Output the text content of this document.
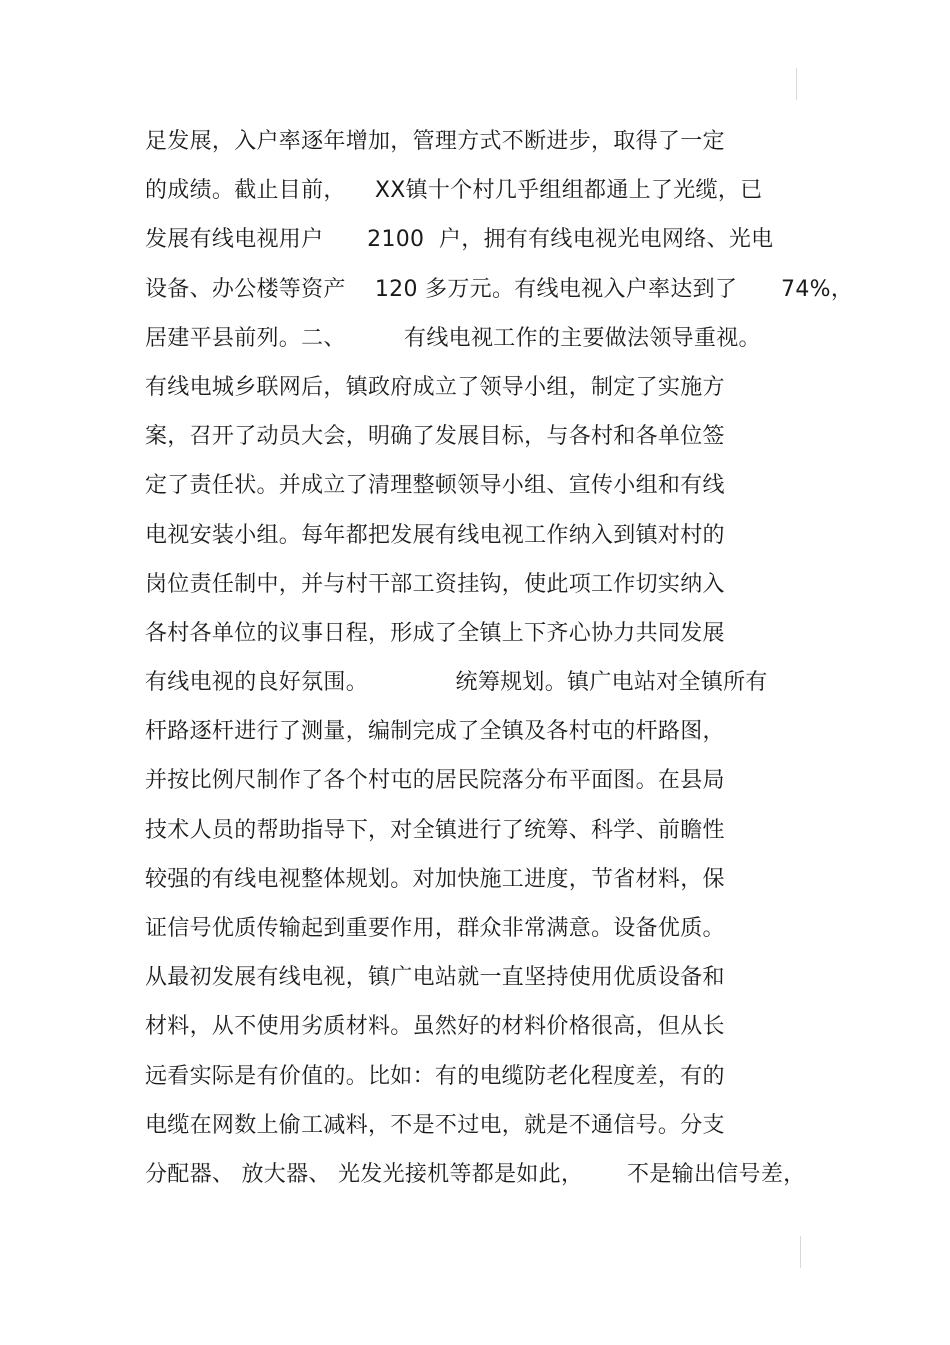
足发展，入户率逐年增加，管理方式不断进步，取得了一定
的成绩。截止目前，    XX镇十个村几乎组组都通上了光缆，已
发展有线电视用户      2100  户，拥有有线电视光电网络、光电
设备、办公楼等资产    120 多万元。有线电视入户率达到了      74%，
居建平县前列。二、        有线电视工作的主要做法领导重视。
有线电城乡联网后，镇政府成立了领导小组，制定了实施方
案，召开了动员大会，明确了发展目标，与各村和各单位签
定了责任状。并成立了清理整顿领导小组、宣传小组和有线
电视安装小组。每年都把发展有线电视工作纳入到镇对村的
岗位责任制中，并与村干部工资挂钩，使此项工作切实纳入
各村各单位的议事日程，形成了全镇上下齐心协力共同发展
有线电视的良好氛围。            统筹规划。镇广电站对全镇所有
杆路逐杆进行了测量，编制完成了全镇及各村屯的杆路图，
并按比例尺制作了各个村屯的居民院落分布平面图。在县局
技术人员的帮助指导下，对全镇进行了统筹、科学、前瞻性
较强的有线电视整体规划。对加快施工进度，节省材料，保
证信号优质传输起到重要作用，群众非常满意。设备优质。
从最初发展有线电视，镇广电站就一直坚持使用优质设备和
材料，从不使用劣质材料。虽然好的材料价格很高，但从长
远看实际是有价值的。比如：有的电缆防老化程度差，有的
电缆在网数上偷工减料，不是不过电，就是不通信号。分支
分配器、 放大器、 光发光接机等都是如此，      不是输出信号差，
